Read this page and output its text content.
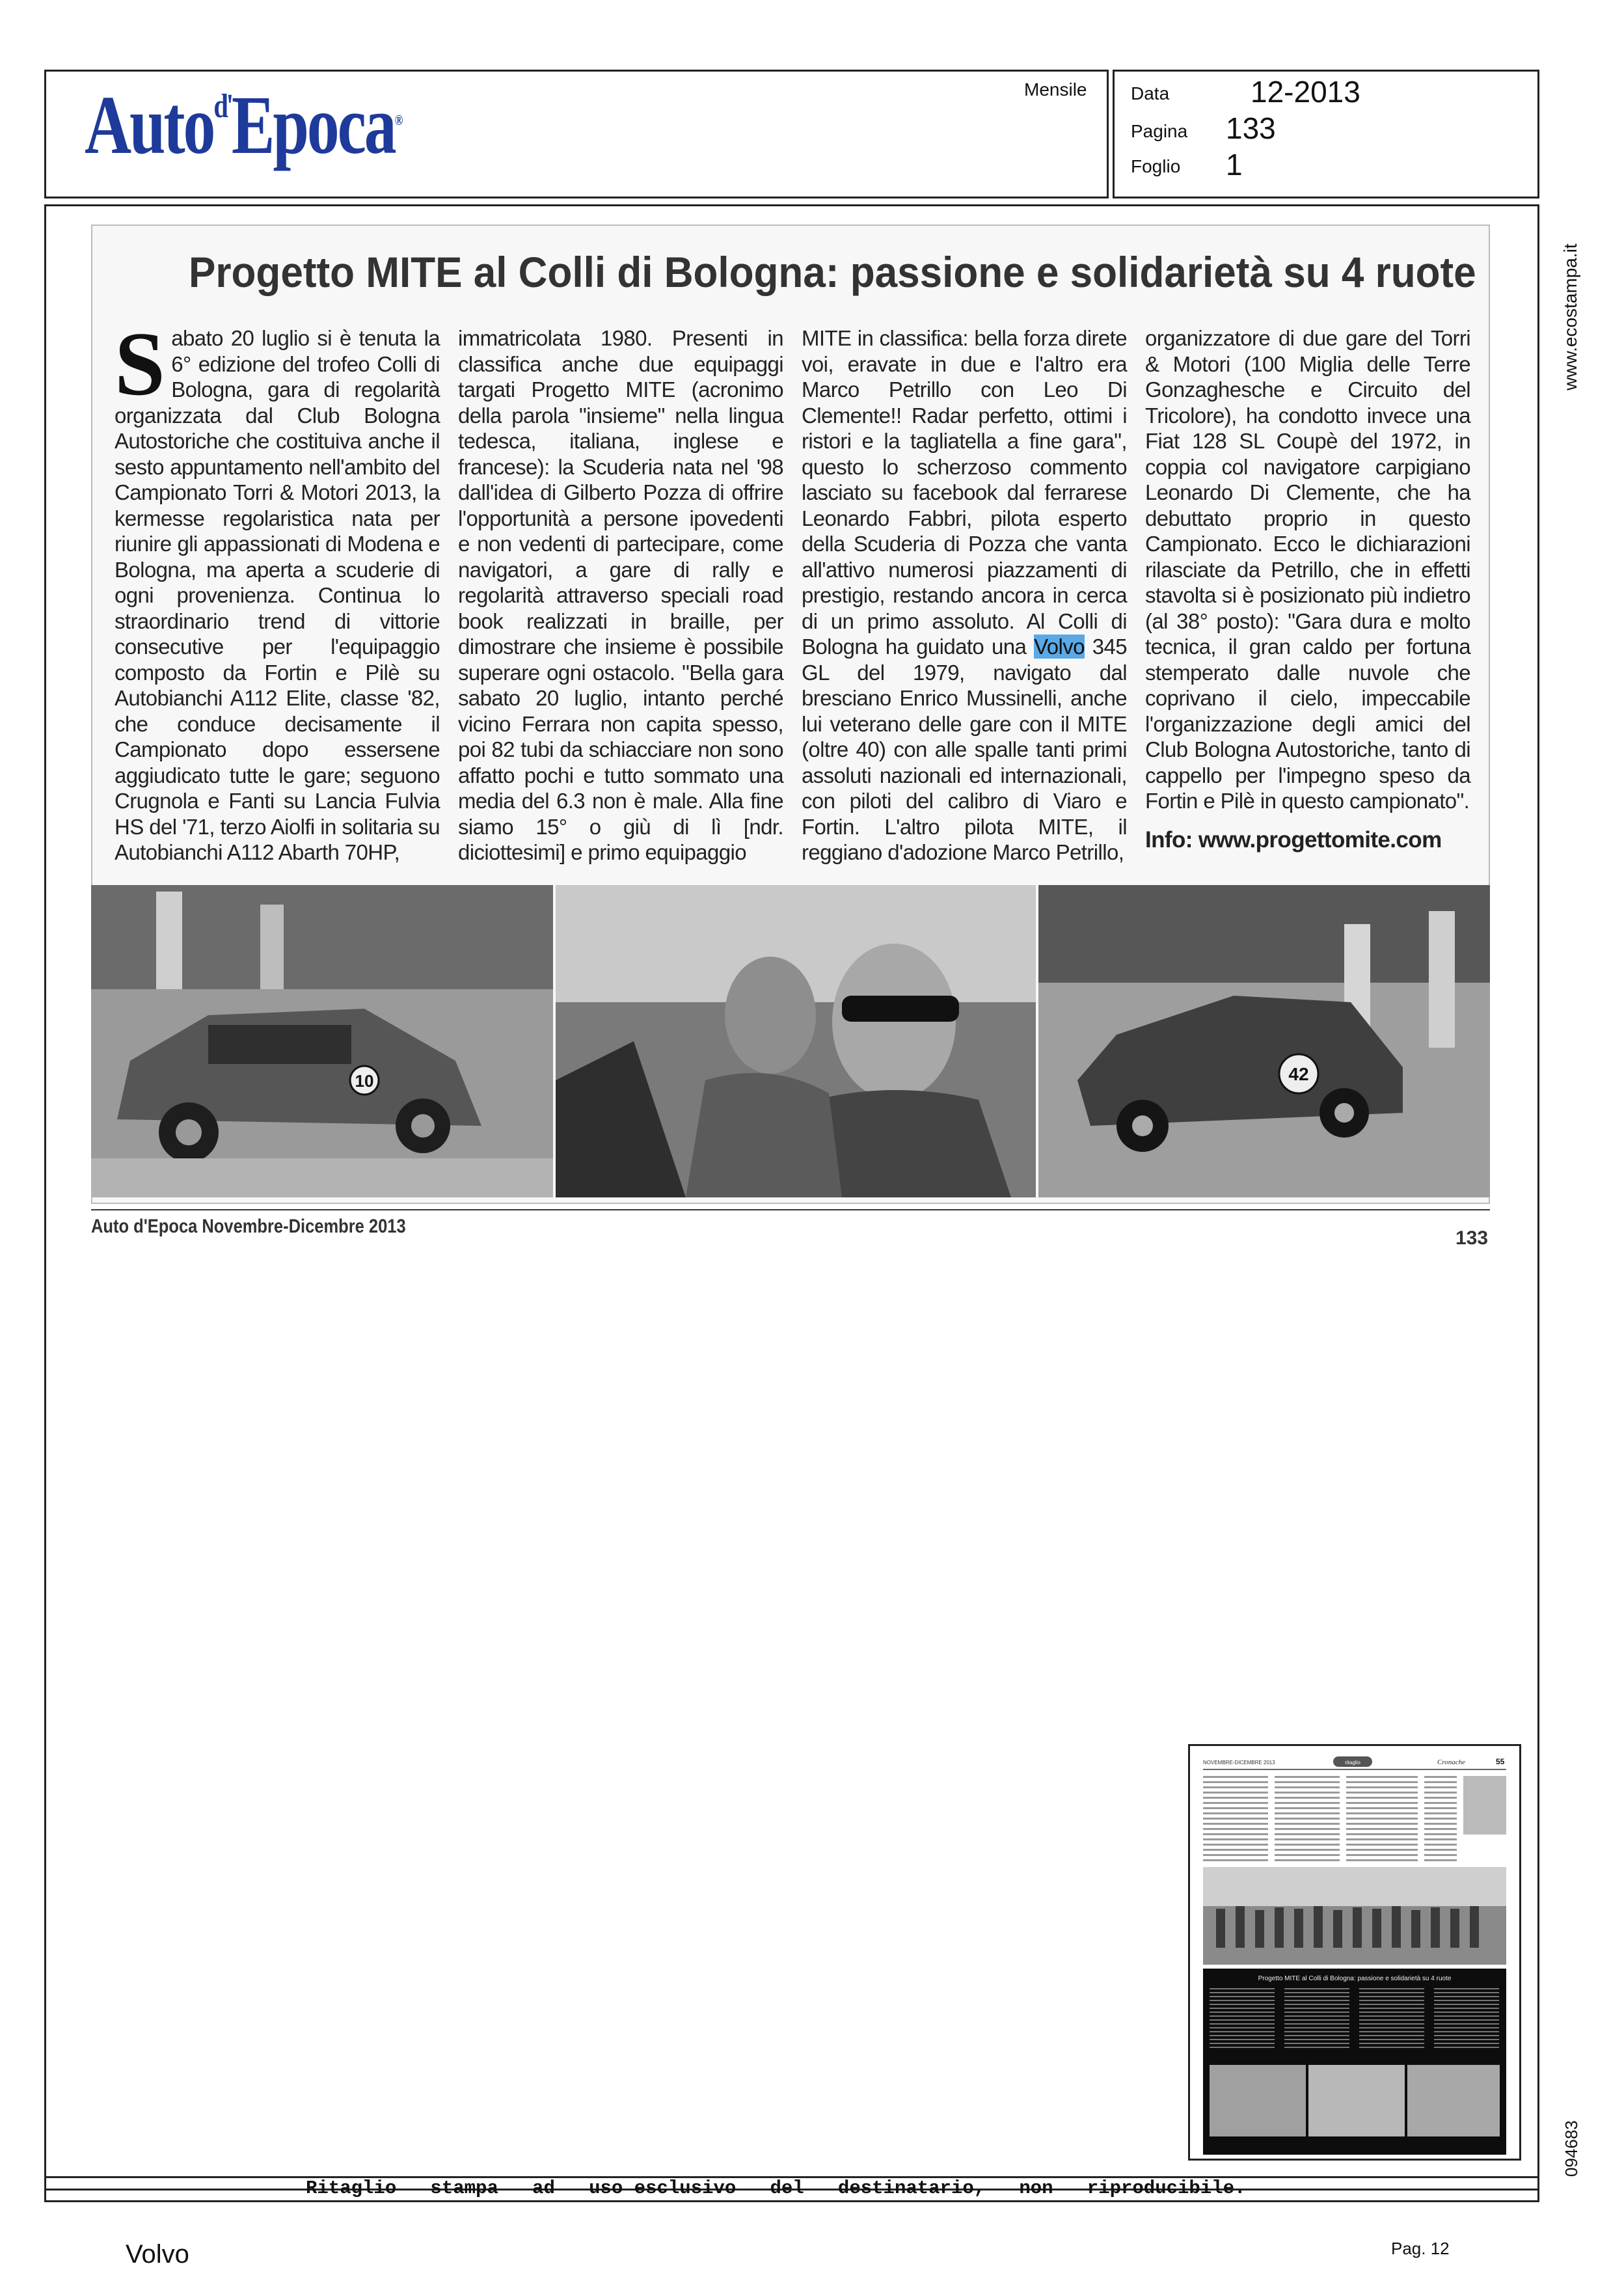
Auto$^{d'}$Epoca®
Mensile Data	12-2013
Pagina 133
Foglio 1
www.ecostampa.it
094683
Progetto MITE al Colli di Bologna: passione e solidarietà su 4 ruote
S abato 20 luglio si è tenuta la 6° edizione del trofeo Colli di Bologna, gara di regolarità organizzata dal Club Bologna Autostoriche che costituiva anche il sesto appuntamento nell'ambito del Campionato Torri & Motori 2013, la kermesse regolaristica nata per riunire gli appassionati di Modena e Bologna, ma aperta a scuderie di ogni provenienza. Continua lo straordinario trend di vittorie consecutive per l'equipaggio composto da Fortin e Pilè su Autobianchi A112 Elite, classe '82, che conduce decisamente il Campionato dopo essersene aggiudicato tutte le gare; seguono Crugnola e Fanti su Lancia Fulvia HS del '71, terzo Aiolfi in solitaria su Autobianchi A112 Abarth 70HP,
immatricolata 1980. Presenti in classifica anche due equipaggi targati Progetto MITE (acronimo della parola "insieme" nella lingua tedesca, italiana, inglese e francese): la Scuderia nata nel '98 dall'idea di Gilberto Pozza di offrire l'opportunità a persone ipovedenti e non vedenti di partecipare, come navigatori, a gare di rally e regolarità attraverso speciali road book realizzati in braille, per dimostrare che insieme è possibile superare ogni ostacolo. "Bella gara sabato 20 luglio, intanto perché vicino Ferrara non capita spesso, poi 82 tubi da schiacciare non sono affatto pochi e tutto sommato una media del 6.3 non è male. Alla fine siamo 15° o giù di lì [ndr. diciottesimi] e primo equipaggio
MITE in classifica: bella forza direte voi, eravate in due e l'altro era Marco Petrillo con Leo Di Clemente!! Radar perfetto, ottimi i ristori e la tagliatella a fine gara", questo lo scherzoso commento lasciato su facebook dal ferrarese Leonardo Fabbri, pilota esperto della Scuderia di Pozza che vanta all'attivo numerosi piazzamenti di prestigio, restando ancora in cerca di un primo assoluto. Al Colli di Bologna ha guidato una Volvo 345 GL del 1979, navigato dal bresciano Enrico Mussinelli, anche lui veterano delle gare con il MITE (oltre 40) con alle spalle tanti primi assoluti nazionali ed internazionali, con piloti del calibro di Viaro e Fortin. L'altro pilota MITE, il reggiano d'adozione Marco Petrillo,
organizzatore di due gare del Torri & Motori (100 Miglia delle Terre Gonzaghesche e Circuito del Tricolore), ha condotto invece una Fiat 128 SL Coupè del 1972, in coppia col navigatore carpigiano Leonardo Di Clemente, che ha debuttato proprio in questo Campionato. Ecco le dichiarazioni rilasciate da Petrillo, che in effetti stavolta si è posizionato più indietro (al 38° posto): "Gara dura e molto tecnica, il gran caldo per fortuna stemperato dalle nuvole che coprivano il cielo, impeccabile l'organizzazione degli amici del Club Bologna Autostoriche, tanto di cappello per l'impegno speso da Fortin e Pilè in questo campionato".
Info: www.progettomite.com
10	42
Auto d'Epoca Novembre-Dicembre 2013
133
NOVEMBRE-DICEMBRE 2013	ritaglio	Cronache	55
Progetto MITE al Colli di Bologna: passione e solidarietà su 4 ruote
Ritaglio   stampa   ad   uso esclusivo   del   destinatario,   non   riproducibile.
Volvo	Pag. 12
